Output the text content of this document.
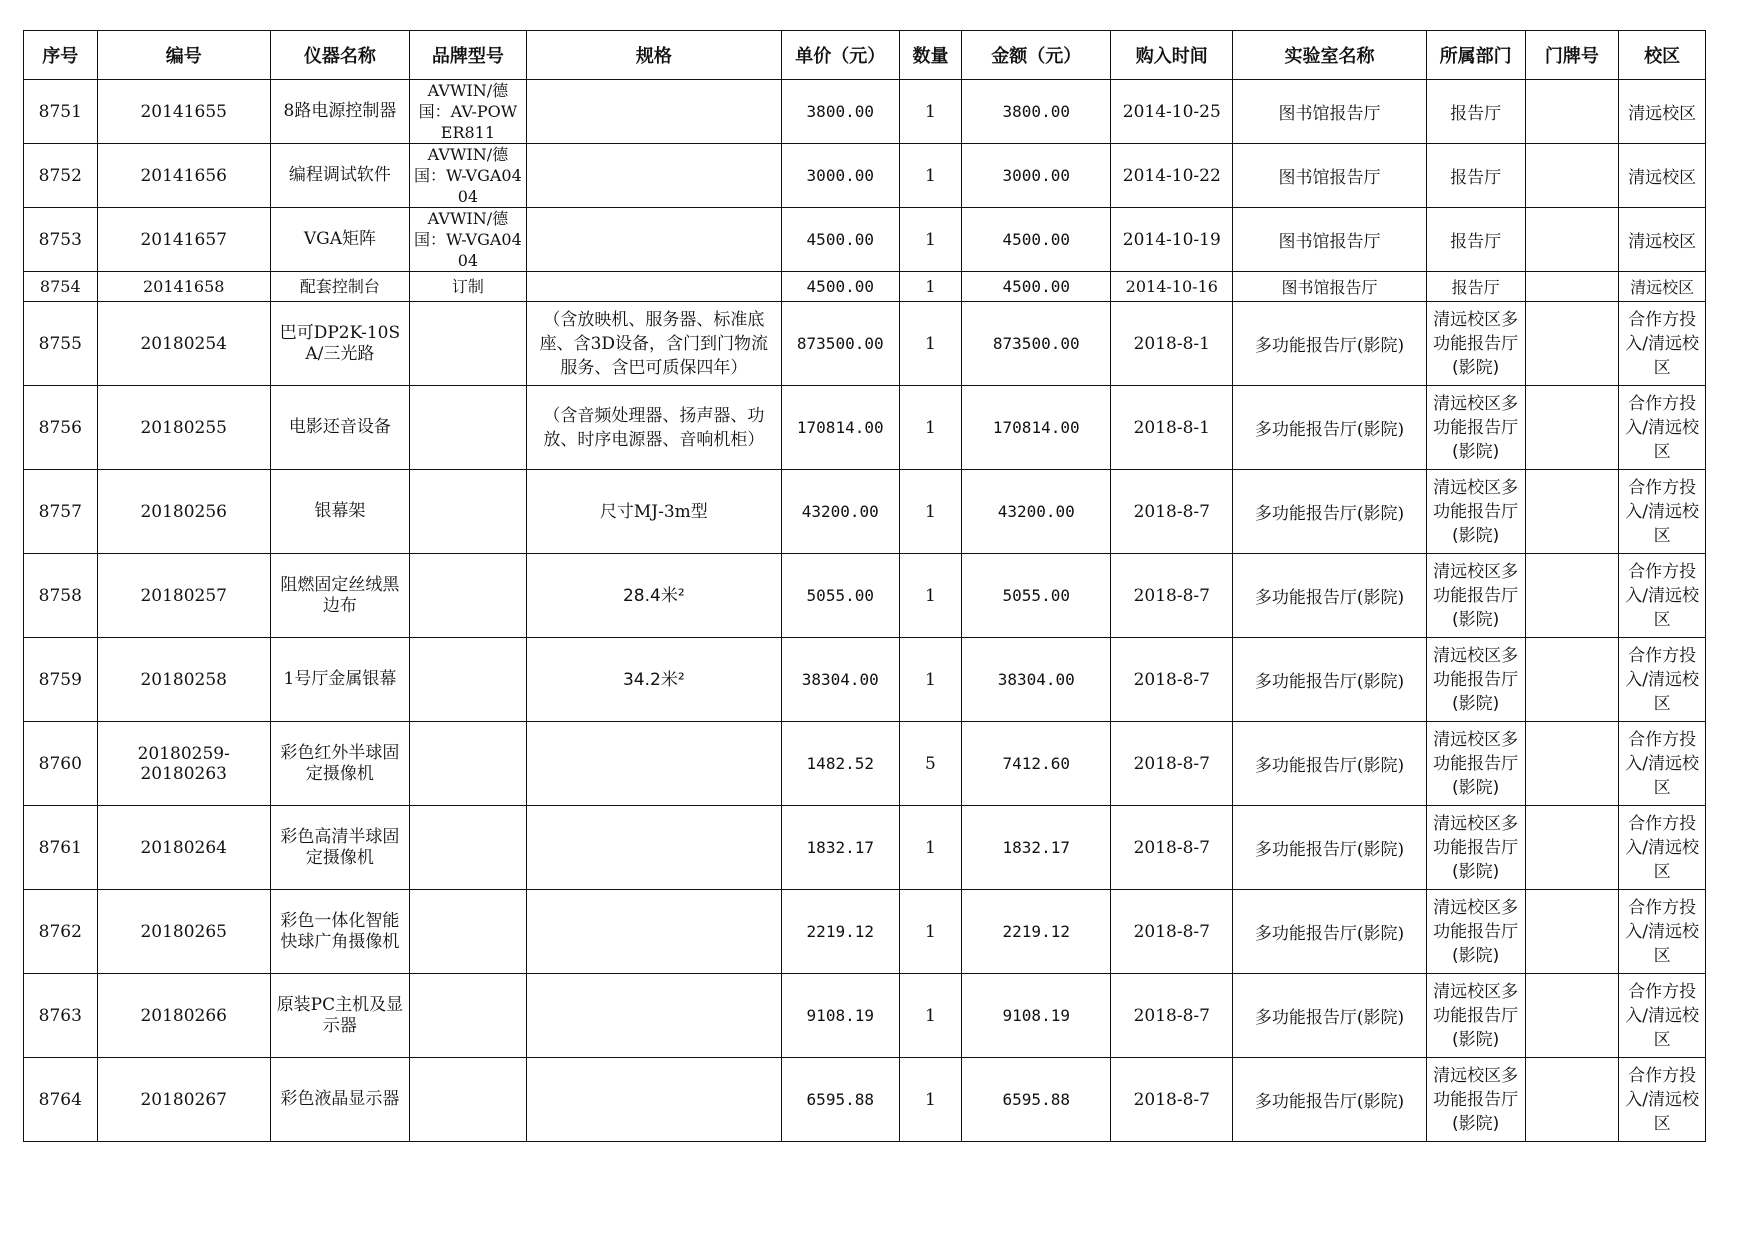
序号	编号	仪器名称	品牌型号	规格	单价（元）	数量	金额（元）	购入时间	实验室名称	所属部门	门牌号	校区
8751	20141655	8路电源控制器	AVWIN/德国：AV-POWER811		3800.00	1	3800.00	2014-10-25	图书馆报告厅	报告厅		清远校区
8752	20141656	编程调试软件	AVWIN/德国：W-VGA0404		3000.00	1	3000.00	2014-10-22	图书馆报告厅	报告厅		清远校区
8753	20141657	VGA矩阵	AVWIN/德国：W-VGA0404		4500.00	1	4500.00	2014-10-19	图书馆报告厅	报告厅		清远校区
8754	20141658	配套控制台	订制		4500.00	1	4500.00	2014-10-16	图书馆报告厅	报告厅		清远校区
8755	20180254	巴可DP2K-10SA/三光路		（含放映机、服务器、标准底座、含3D设备，含门到门物流服务、含巴可质保四年）	873500.00	1	873500.00	2018-8-1	多功能报告厅(影院)	清远校区多功能报告厅(影院)		合作方投入/清远校区

8756	20180255	电影还音设备		（含音频处理器、扬声器、功放、时序电源器、音响机柜）	170814.00	1	170814.00	2018-8-1	多功能报告厅(影院)	清远校区多功能报告厅(影院)		合作方投入/清远校区

8757	20180256	银幕架		尺寸MJ-3m型	43200.00	1	43200.00	2018-8-7	多功能报告厅(影院)	清远校区多功能报告厅(影院)		合作方投入/清远校区

8758	20180257	阻燃固定丝绒黑边布		28.4米²	5055.00	1	5055.00	2018-8-7	多功能报告厅(影院)	清远校区多功能报告厅(影院)		合作方投入/清远校区

8759	20180258	1号厅金属银幕		34.2米²	38304.00	1	38304.00	2018-8-7	多功能报告厅(影院)	清远校区多功能报告厅(影院)		合作方投入/清远校区

8760	20180259-20180263	彩色红外半球固定摄像机			1482.52	5	7412.60	2018-8-7	多功能报告厅(影院)	清远校区多功能报告厅(影院)		合作方投入/清远校区

8761	20180264	彩色高清半球固定摄像机			1832.17	1	1832.17	2018-8-7	多功能报告厅(影院)	清远校区多功能报告厅(影院)		合作方投入/清远校区

8762	20180265	彩色一体化智能快球广角摄像机			2219.12	1	2219.12	2018-8-7	多功能报告厅(影院)	清远校区多功能报告厅(影院)		合作方投入/清远校区

8763	20180266	原装PC主机及显示器			9108.19	1	9108.19	2018-8-7	多功能报告厅(影院)	清远校区多功能报告厅(影院)		合作方投入/清远校区

8764	20180267	彩色液晶显示器			6595.88	1	6595.88	2018-8-7	多功能报告厅(影院)	清远校区多功能报告厅(影院)		合作方投入/清远校区
